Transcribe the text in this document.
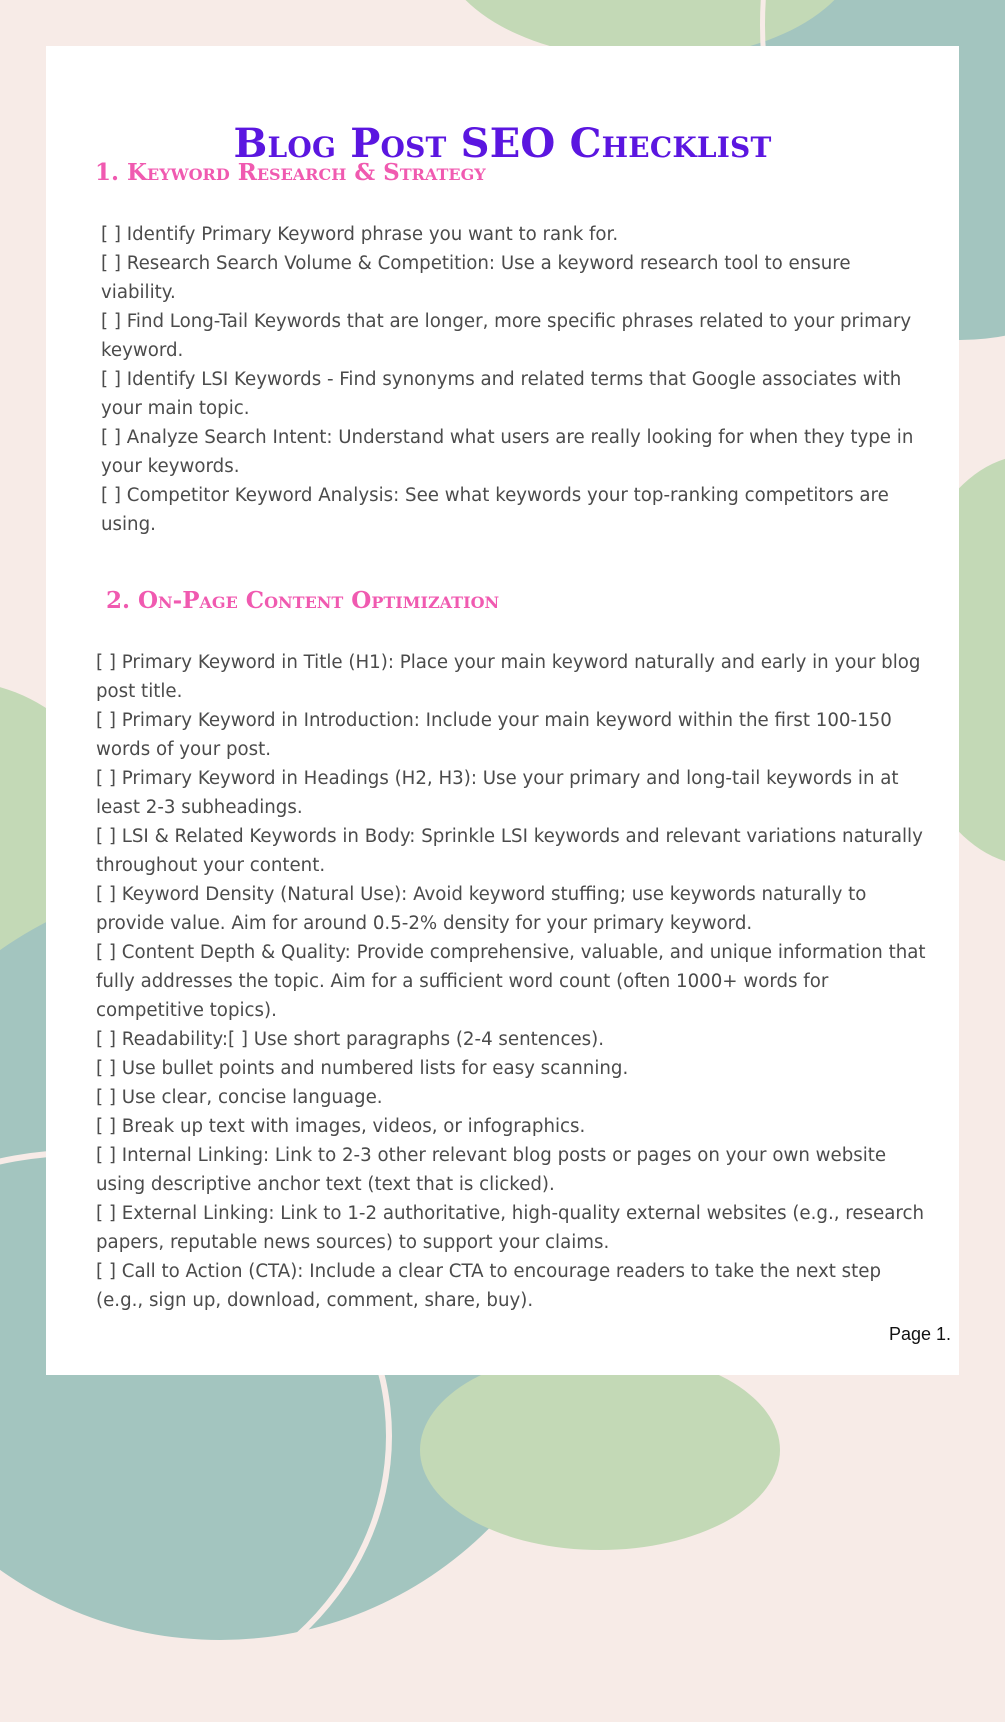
Blog Post SEO Checklist
1. Keyword Research & Strategy
[ ] Identify Primary Keyword phrase you want to rank for.
[ ] Research Search Volume & Competition: Use a keyword research tool to ensure viability.
[ ] Find Long-Tail Keywords that are longer, more specific phrases related to your primary keyword.
[ ] Identify LSI Keywords - Find synonyms and related terms that Google associates with your main topic.
[ ] Analyze Search Intent: Understand what users are really looking for when they type in your keywords.
[ ] Competitor Keyword Analysis: See what keywords your top-ranking competitors are using.
2. On-Page Content Optimization
[ ] Primary Keyword in Title (H1): Place your main keyword naturally and early in your blog post title.
[ ] Primary Keyword in Introduction: Include your main keyword within the first 100-150 words of your post.
[ ] Primary Keyword in Headings (H2, H3): Use your primary and long-tail keywords in at least 2-3 subheadings.
[ ] LSI & Related Keywords in Body: Sprinkle LSI keywords and relevant variations naturally throughout your content.
[ ] Keyword Density (Natural Use): Avoid keyword stuffing; use keywords naturally to provide value. Aim for around 0.5-2% density for your primary keyword.
[ ] Content Depth & Quality: Provide comprehensive, valuable, and unique information that fully addresses the topic. Aim for a sufficient word count (often 1000+ words for competitive topics).
[ ] Readability:[ ] Use short paragraphs (2-4 sentences).
[ ] Use bullet points and numbered lists for easy scanning.
[ ] Use clear, concise language.
[ ] Break up text with images, videos, or infographics.
[ ] Internal Linking: Link to 2-3 other relevant blog posts or pages on your own website using descriptive anchor text (text that is clicked).
[ ] External Linking: Link to 1-2 authoritative, high-quality external websites (e.g., research papers, reputable news sources) to support your claims.
[ ] Call to Action (CTA): Include a clear CTA to encourage readers to take the next step (e.g., sign up, download, comment, share, buy).
Page 1.
